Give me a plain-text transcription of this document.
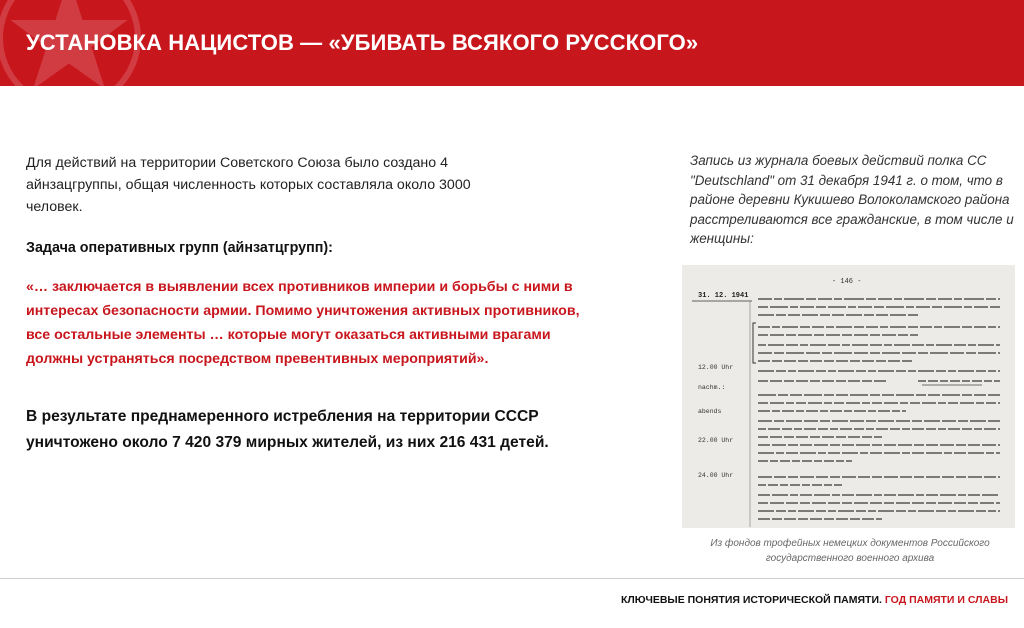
УСТАНОВКА НАЦИСТОВ — «УБИВАТЬ ВСЯКОГО РУССКОГО»

Для действий на территории Советского Союза было создано 4 айнзацгруппы, общая численность которых составляла около 3000 человек.

Задача оперативных групп (айнзатцгрупп):

«… заключается в выявлении всех противников империи и борьбы с ними в интересах безопасности армии. Помимо уничтожения активных противников, все остальные элементы … которые могут оказаться активными врагами должны устраняться посредством превентивных мероприятий».

В результате преднамеренного истребления на территории СССР уничтожено около 7 420 379 мирных жителей, из них 216 431 детей.

Запись из журнала боевых действий полка СС "Deutschland" от 31 декабря 1941 г. о том, что в районе деревни Кукишево Волоколамского района расстреливаются все гражданские, в том числе и женщины:

- 146 -
31. 12. 1941
12.00 Uhr
nachm.:
abends
22.00 Uhr
24.00 Uhr

Из фондов трофейных немецких документов Российского государственного военного архива

КЛЮЧЕВЫЕ ПОНЯТИЯ ИСТОРИЧЕСКОЙ ПАМЯТИ. ГОД ПАМЯТИ И СЛАВЫ
